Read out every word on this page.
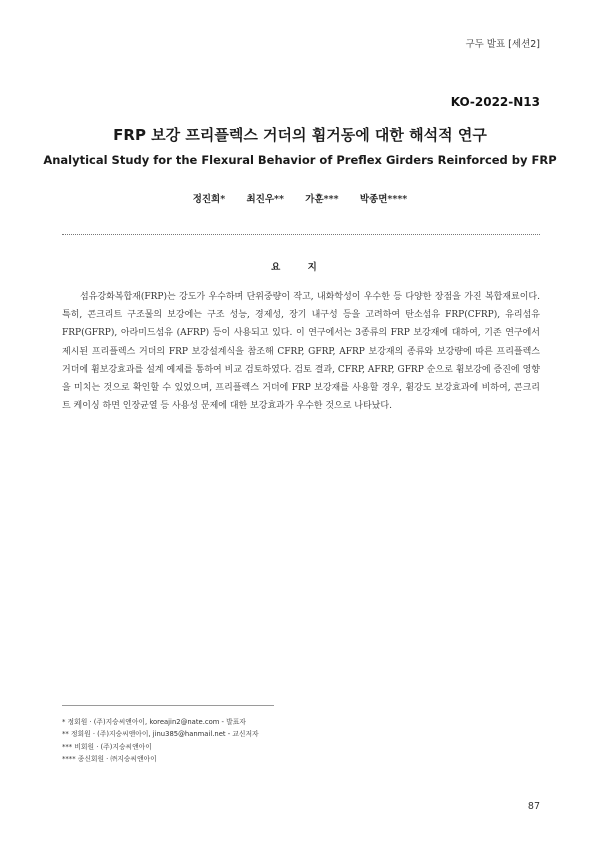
구두 발표 [세션2]
KO-2022-N13
FRP 보강 프리플렉스 거더의 휨거동에 대한 해석적 연구
Analytical Study for the Flexural Behavior of Preflex Girders Reinforced by FRP
정진희* 최진우** 가훈*** 박종면****
요 지

섬유강화복합재(FRP)는 강도가 우수하며 단위중량이 작고, 내화학성이 우수한 등 다양한 장점을 가진 복합재료이다. 특히, 콘크리트 구조물의 보강에는 구조 성능, 경제성, 장기 내구성 등을 고려하여 탄소섬유 FRP(CFRP), 유리섬유 FRP(GFRP), 아라미드섬유 (AFRP) 등이 사용되고 있다. 이 연구에서는 3종류의 FRP 보강재에 대하여, 기존 연구에서 제시된 프리플렉스 거더의 FRP 보강설계식을 참조해 CFRP, GFRP, AFRP 보강재의 종류와 보강량에 따른 프리플렉스 거더에 휨보강효과를 설계 예제를 통하여 비교 검토하였다. 검토 결과, CFRP, AFRP, GFRP 순으로 휨보강에 증진에 영향을 미치는 것으로 확인할 수 있었으며, 프리플렉스 거더에 FRP 보강재를 사용할 경우, 휨강도 보강효과에 비하여, 콘크리트 케이싱 하면 인장균열 등 사용성 문제에 대한 보강효과가 우수한 것으로 나타났다.

* 정회원 · (주)지승씨앤아이, koreajin2@nate.com - 발표자
** 정회원 · (주)지승씨앤아이, jinu385@hanmail.net - 교신저자
*** 비회원 · (주)지승씨앤아이
**** 종신회원 · ㈜지승씨앤아이
87
